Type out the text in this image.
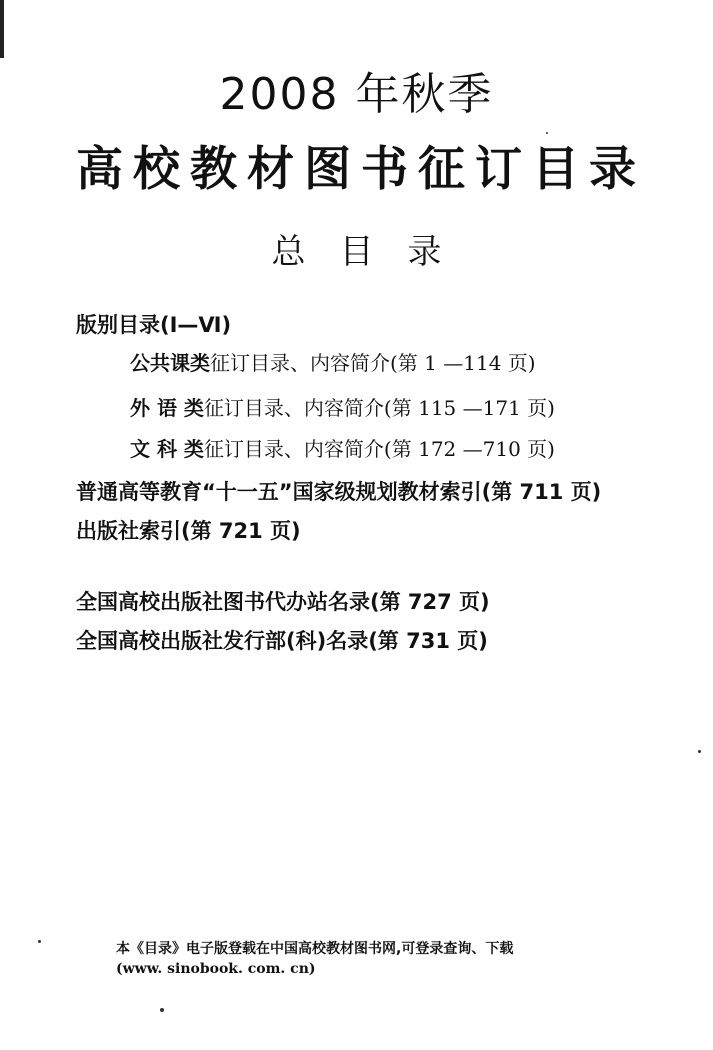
2008 年秋季
高校教材图书征订目录
总目录
版别目录(Ⅰ—Ⅵ)
公共课类征订目录、内容简介(第 1 —114 页)
外 语 类征订目录、内容简介(第 115 —171 页)
文 科 类征订目录、内容简介(第 172 —710 页)
普通高等教育“十一五”国家级规划教材索引(第 711 页)
出版社索引(第 721 页)
全国高校出版社图书代办站名录(第 727 页)
全国高校出版社发行部(科)名录(第 731 页)
本《目录》电子版登载在中国高校教材图书网,可登录查询、下载
(www. sinobook. com. cn)
